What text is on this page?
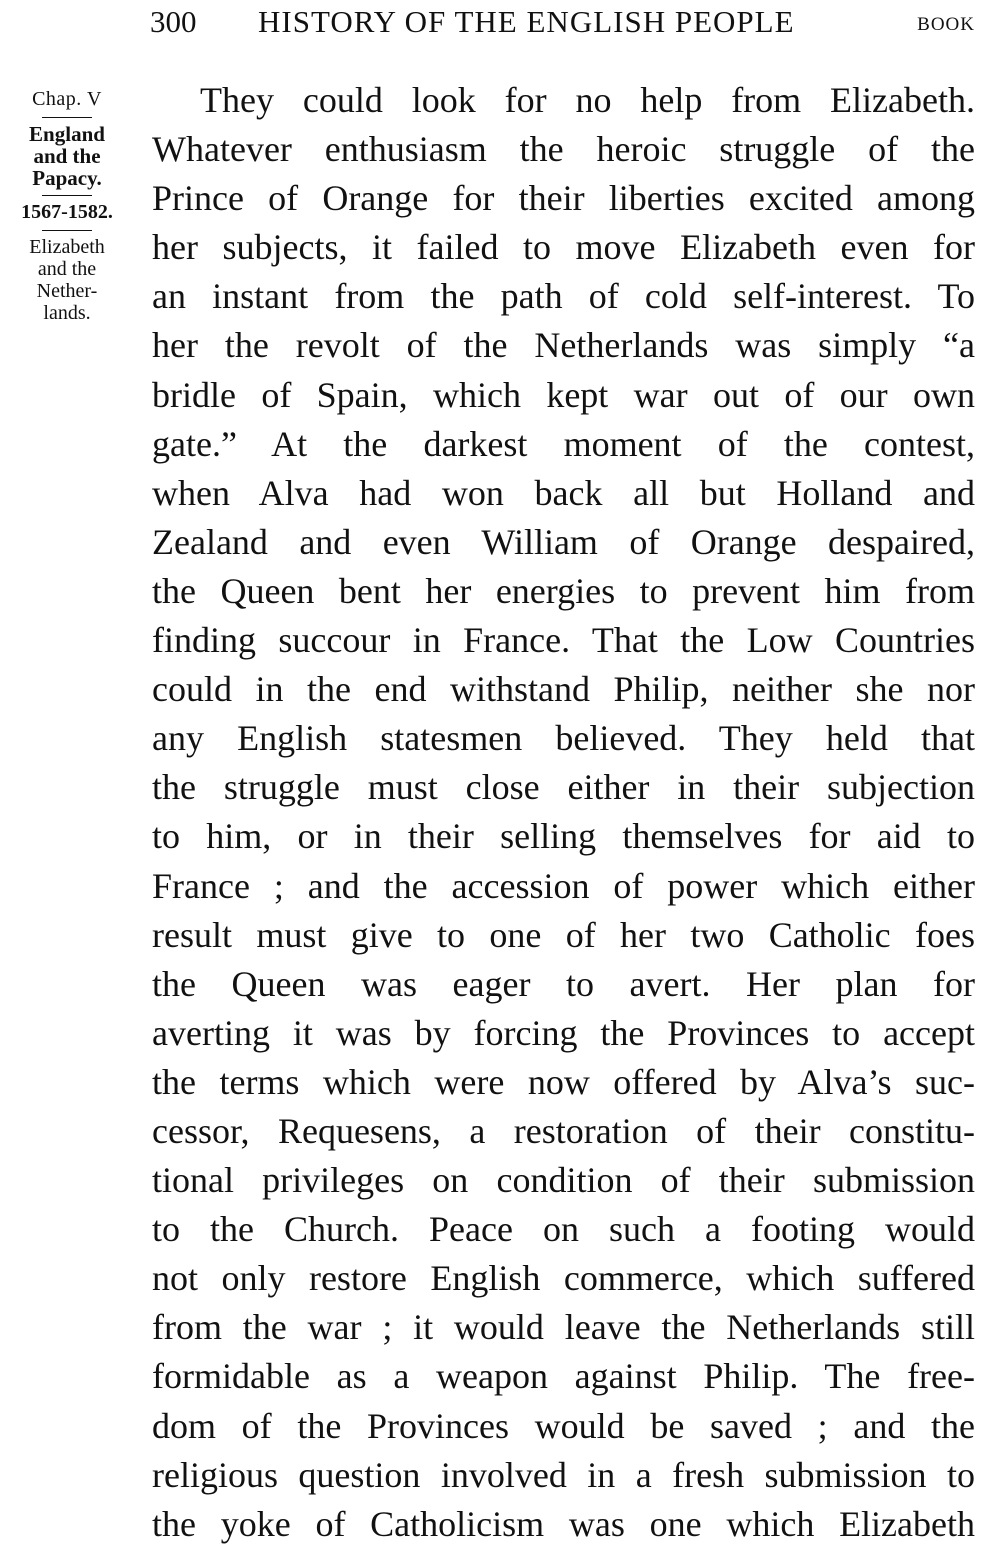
300 HISTORY OF THE ENGLISH PEOPLE	BOOK
Chap. V
England
and the
Papacy.
1567-1582.
Elizabeth
and the
Nether-
lands.
They could look for no help from Elizabeth.
Whatever enthusiasm the heroic struggle of the
Prince of Orange for their liberties excited among
her subjects, it failed to move Elizabeth even for
an instant from the path of cold self-interest. To
her the revolt of the Netherlands was simply “a
bridle of Spain, which kept war out of our own
gate.” At the darkest moment of the contest,
when Alva had won back all but Holland and
Zealand and even William of Orange despaired,
the Queen bent her energies to prevent him from
finding succour in France. That the Low Countries
could in the end withstand Philip, neither she nor
any English statesmen believed. They held that
the struggle must close either in their subjection
to him, or in their selling themselves for aid to
France ; and the accession of power which either
result must give to one of her two Catholic foes
the Queen was eager to avert. Her plan for
averting it was by forcing the Provinces to accept
the terms which were now offered by Alva’s suc-
cessor, Requesens, a restoration of their constitu-
tional privileges on condition of their submission
to the Church. Peace on such a footing would
not only restore English commerce, which suffered
from the war ; it would leave the Netherlands still
formidable as a weapon against Philip. The free-
dom of the Provinces would be saved ; and the
religious question involved in a fresh submission to
the yoke of Catholicism was one which Elizabeth
